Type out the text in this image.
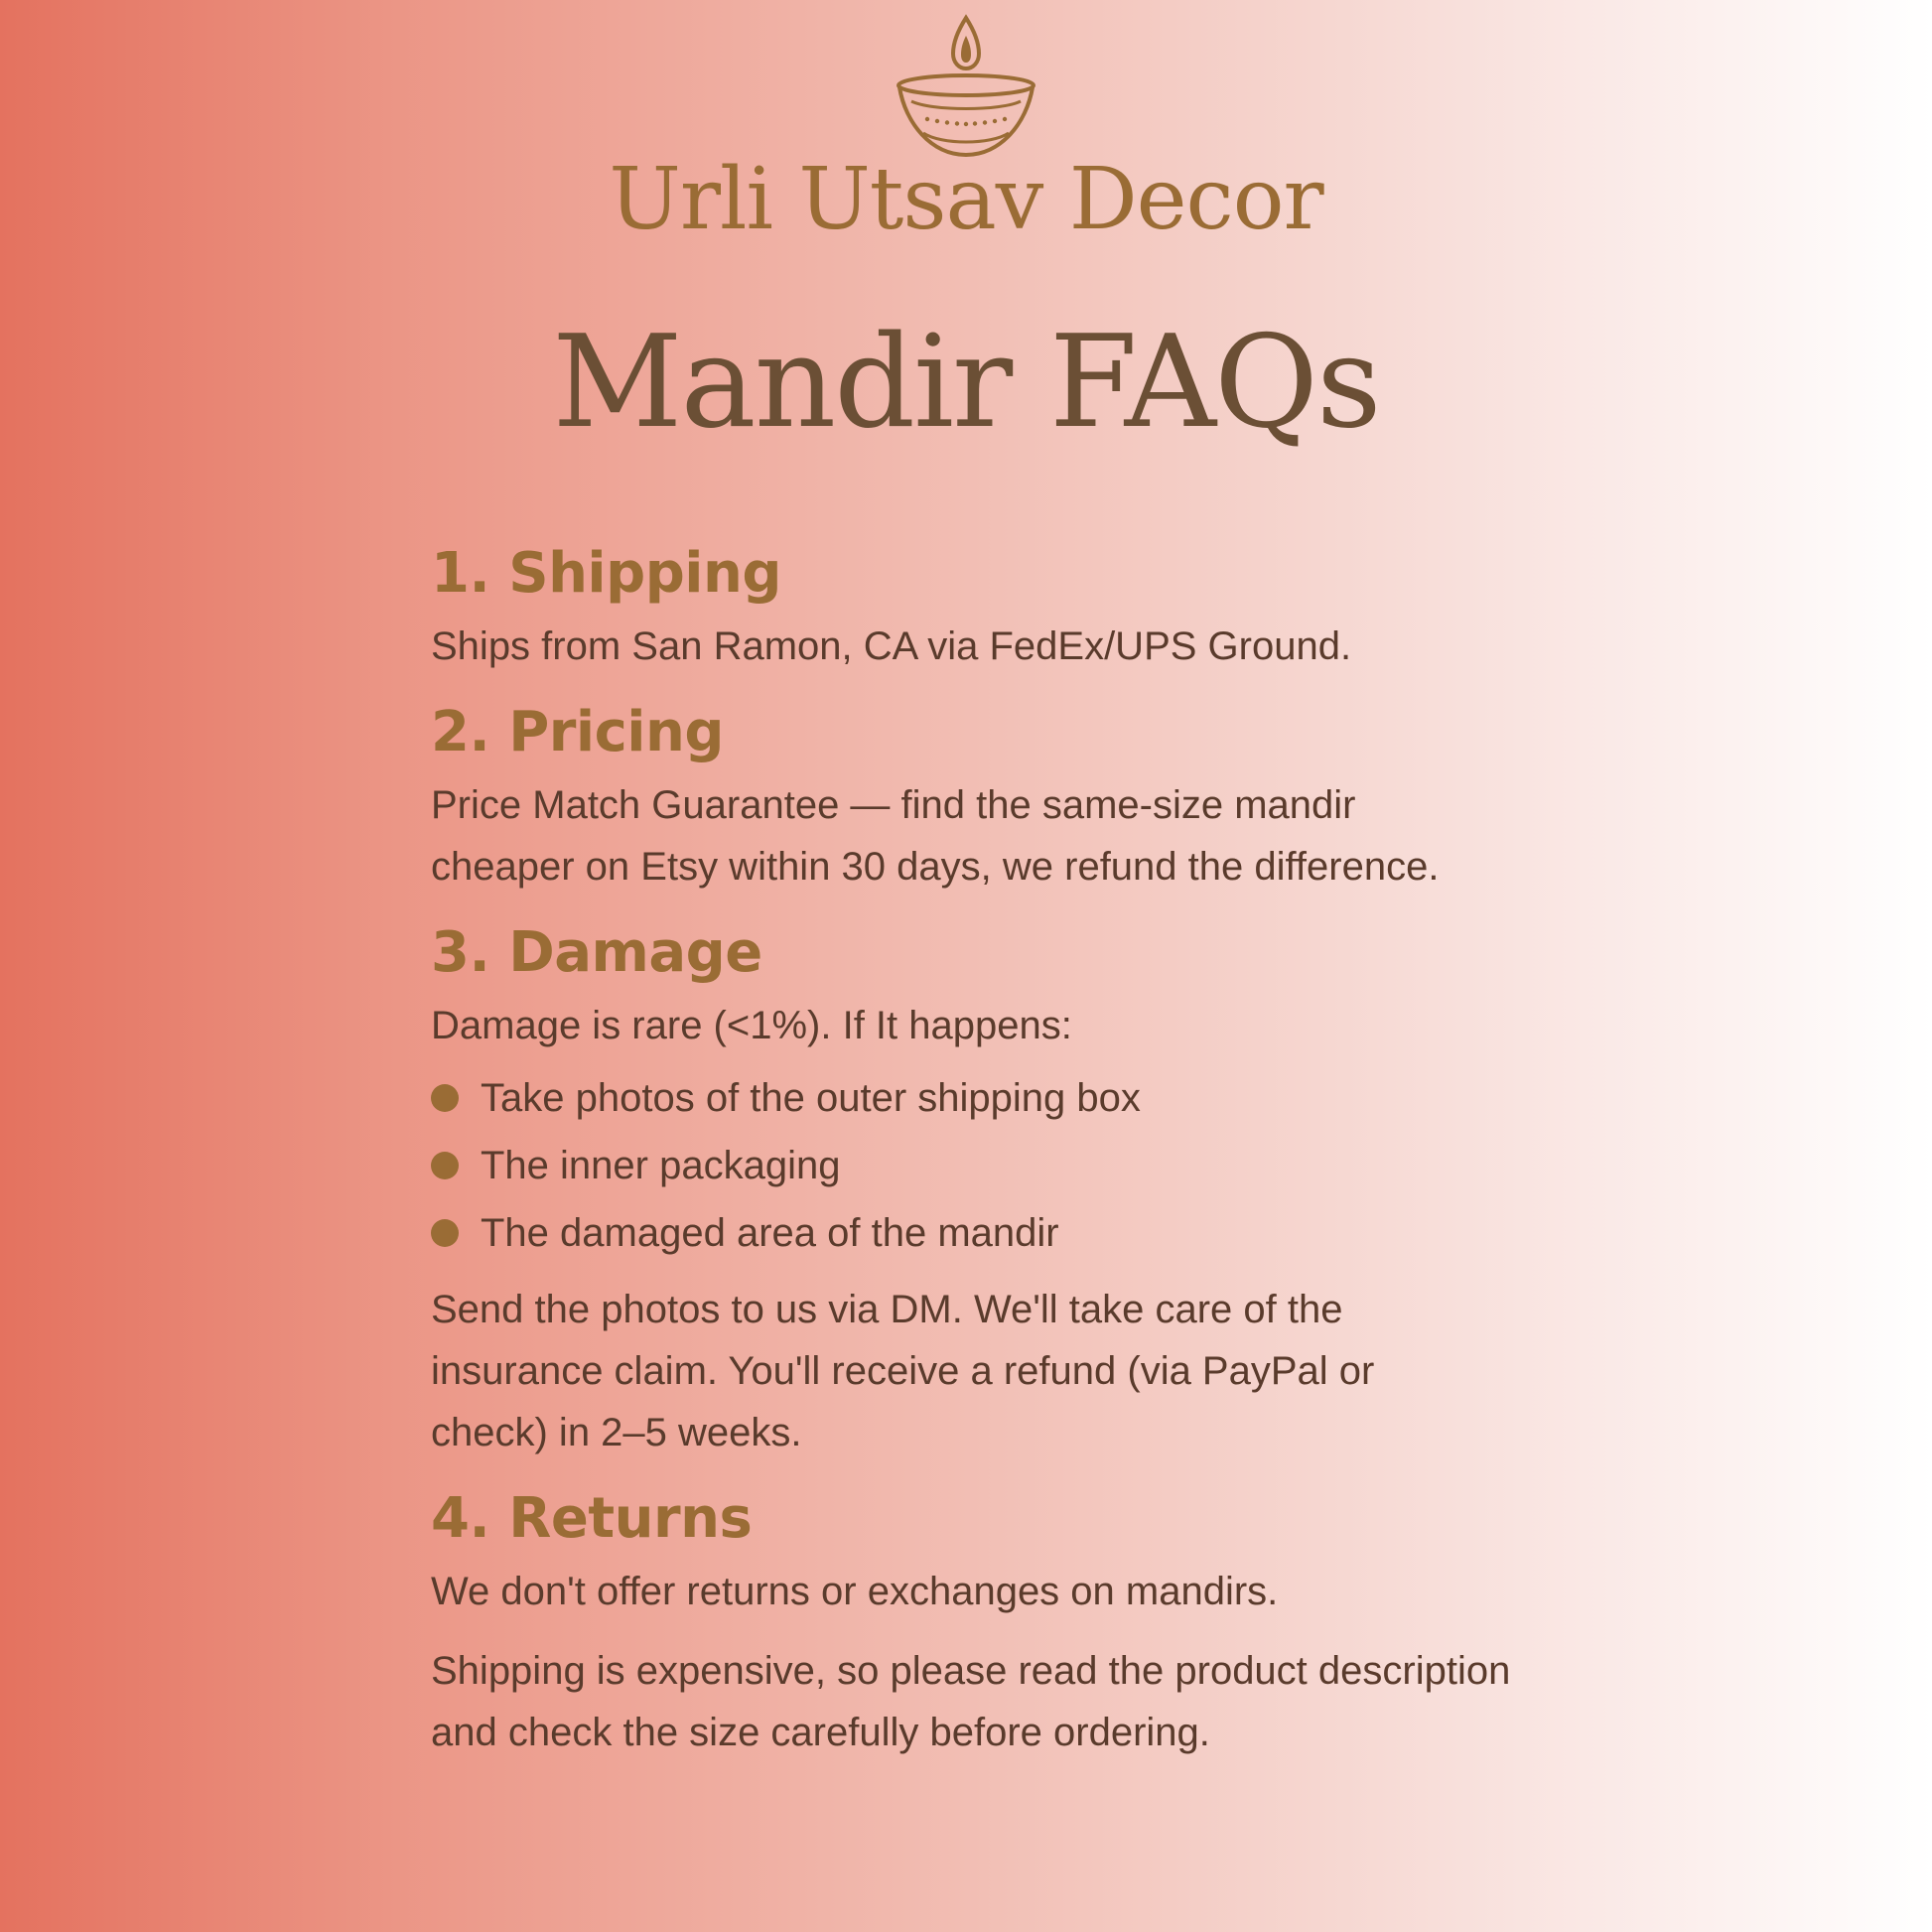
Urli Utsav Decor
Mandir FAQs
1. Shipping
Ships from San Ramon, CA via FedEx/UPS Ground.
2. Pricing
Price Match Guarantee — find the same-size mandir
cheaper on Etsy within 30 days, we refund the difference.
3. Damage
Damage is rare (<1%). If It happens:
Take photos of the outer shipping box
The inner packaging
The damaged area of the mandir
Send the photos to us via DM. We'll take care of the
insurance claim. You'll receive a refund (via PayPal or
check) in 2–5 weeks.
4. Returns
We don't offer returns or exchanges on mandirs.
Shipping is expensive, so please read the product description
and check the size carefully before ordering.
